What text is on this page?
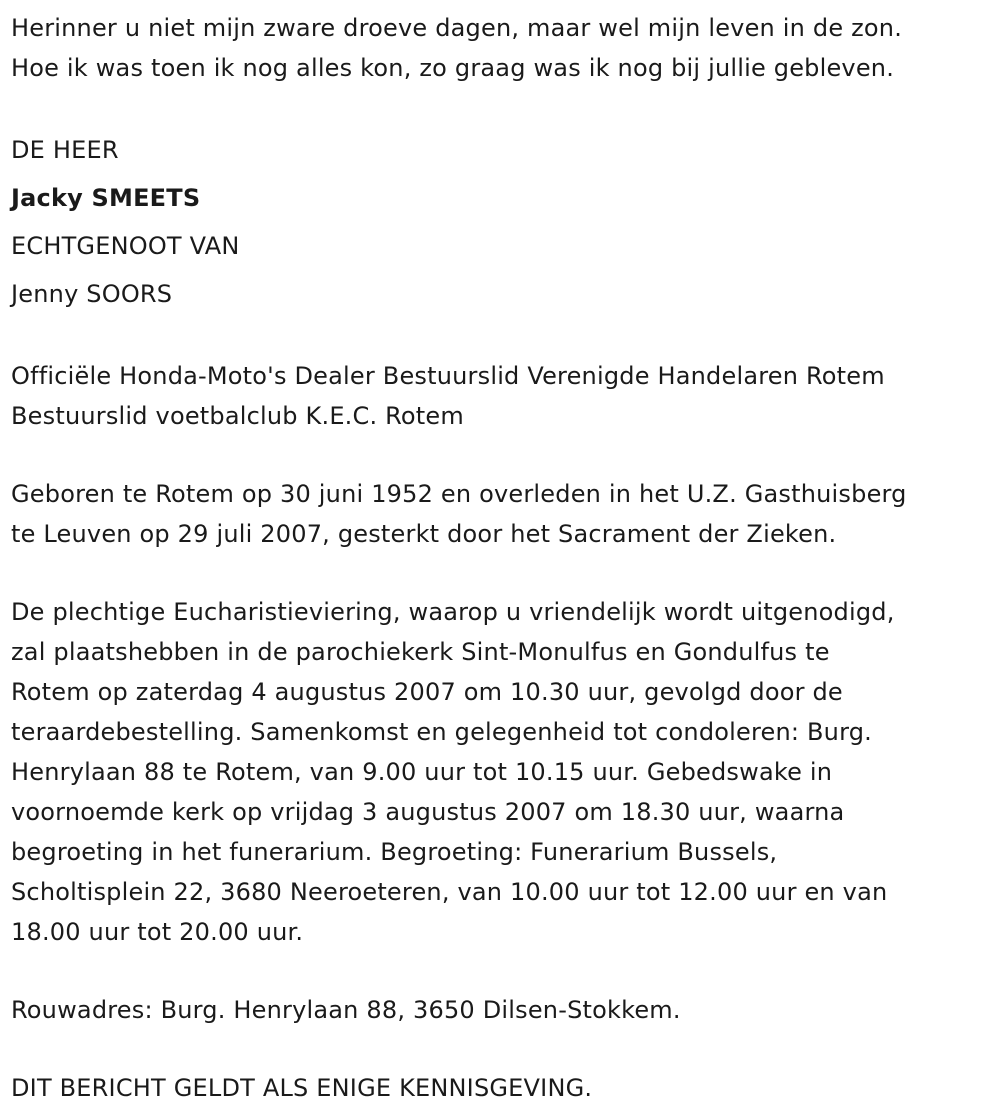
Herinner u niet mijn zware droeve dagen, maar wel mijn leven in de zon.
Hoe ik was toen ik nog alles kon, zo graag was ik nog bij jullie gebleven.
DE HEER
Jacky SMEETS
ECHTGENOOT VAN
Jenny SOORS
Officiële Honda-Moto's Dealer Bestuurslid Verenigde Handelaren Rotem
Bestuurslid voetbalclub K.E.C. Rotem
Geboren te Rotem op 30 juni 1952 en overleden in het U.Z. Gasthuisberg
te Leuven op 29 juli 2007, gesterkt door het Sacrament der Zieken.
De plechtige Eucharistieviering, waarop u vriendelijk wordt uitgenodigd,
zal plaatshebben in de parochiekerk Sint-Monulfus en Gondulfus te
Rotem op zaterdag 4 augustus 2007 om 10.30 uur, gevolgd door de
teraardebestelling. Samenkomst en gelegenheid tot condoleren: Burg.
Henrylaan 88 te Rotem, van 9.00 uur tot 10.15 uur. Gebedswake in
voornoemde kerk op vrijdag 3 augustus 2007 om 18.30 uur, waarna
begroeting in het funerarium. Begroeting: Funerarium Bussels,
Scholtisplein 22, 3680 Neeroeteren, van 10.00 uur tot 12.00 uur en van
18.00 uur tot 20.00 uur.
Rouwadres: Burg. Henrylaan 88, 3650 Dilsen-Stokkem.
DIT BERICHT GELDT ALS ENIGE KENNISGEVING.
